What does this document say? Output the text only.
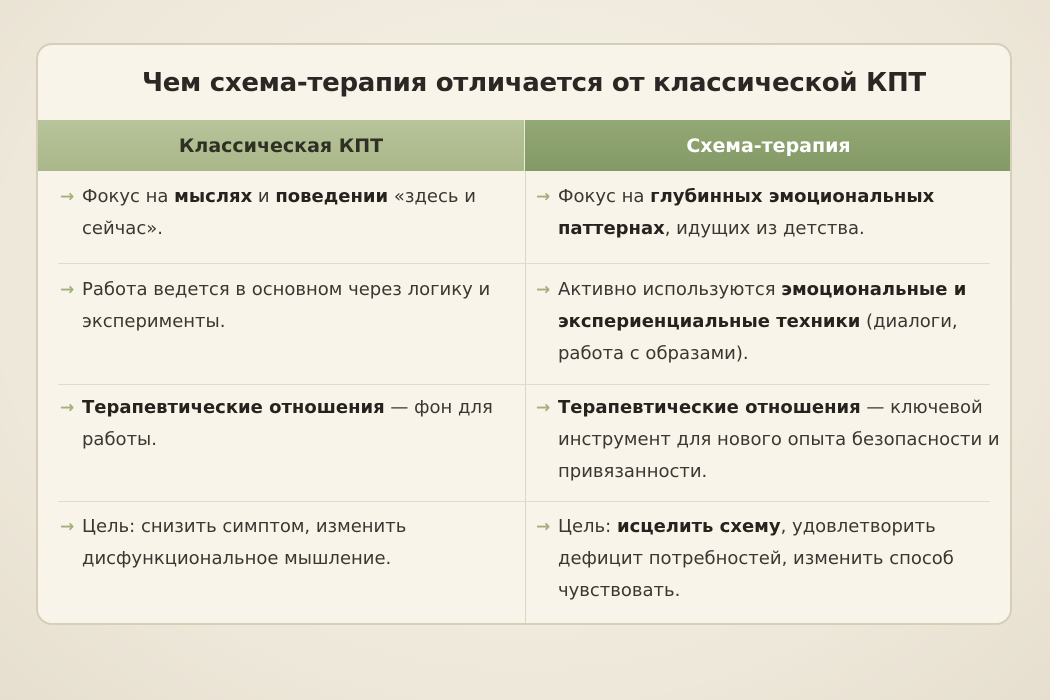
Чем схема-терапия отличается от классической КПТ
Классическая КПТ	Схема-терапия
→ Фокус на мыслях и поведении «здесь и сейчас».
→ Фокус на глубинных эмоциональных паттернах, идущих из детства.
→ Работа ведется в основном через логику и эксперименты.
→ Активно используются эмоциональные и экспериенциальные техники (диалоги, работа с образами).
→ Терапевтические отношения — фон для работы.
→ Терапевтические отношения — ключевой инструмент для нового опыта безопасности и привязанности.
→ Цель: снизить симптом, изменить дисфункциональное мышление.
→ Цель: исцелить схему, удовлетворить дефицит потребностей, изменить способ чувствовать.
